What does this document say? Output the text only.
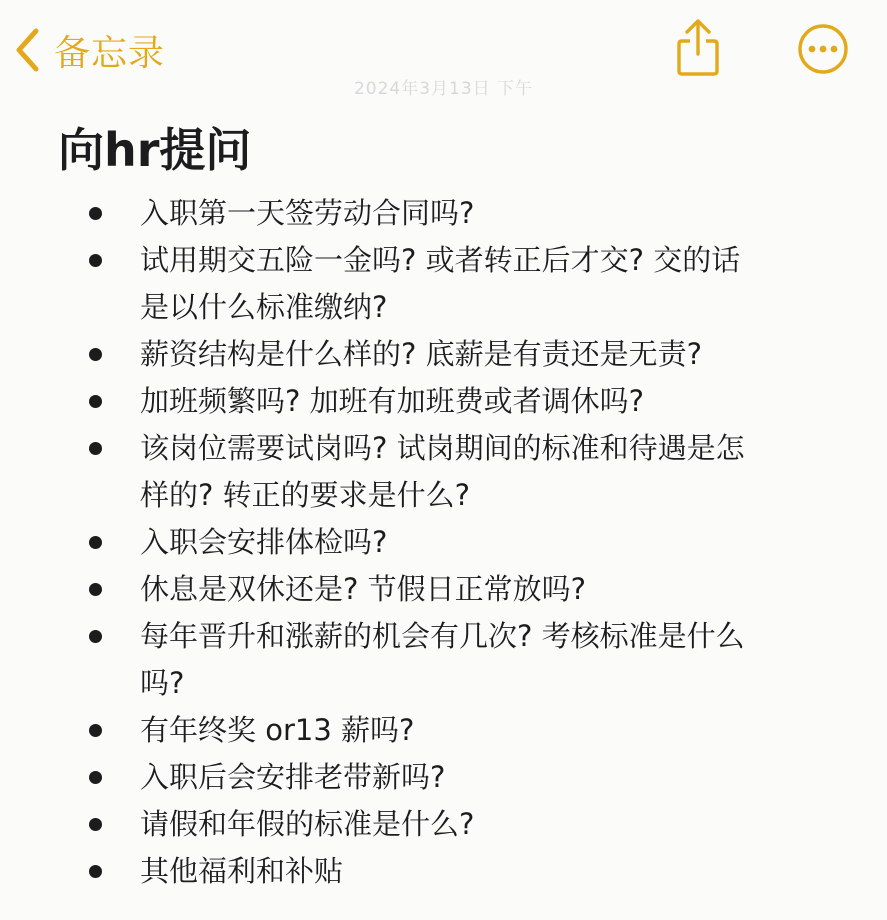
备忘录
2024年3月13日 下午
向hr提问
入职第一天签劳动合同吗?
试用期交五险一金吗? 或者转正后才交? 交的话
是以什么标准缴纳?
薪资结构是什么样的? 底薪是有责还是无责?
加班频繁吗? 加班有加班费或者调休吗?
该岗位需要试岗吗? 试岗期间的标准和待遇是怎
样的? 转正的要求是什么?
入职会安排体检吗?
休息是双休还是? 节假日正常放吗?
每年晋升和涨薪的机会有几次? 考核标准是什么
吗?
有年终奖 or13 薪吗?
入职后会安排老带新吗?
请假和年假的标准是什么?
其他福利和补贴
